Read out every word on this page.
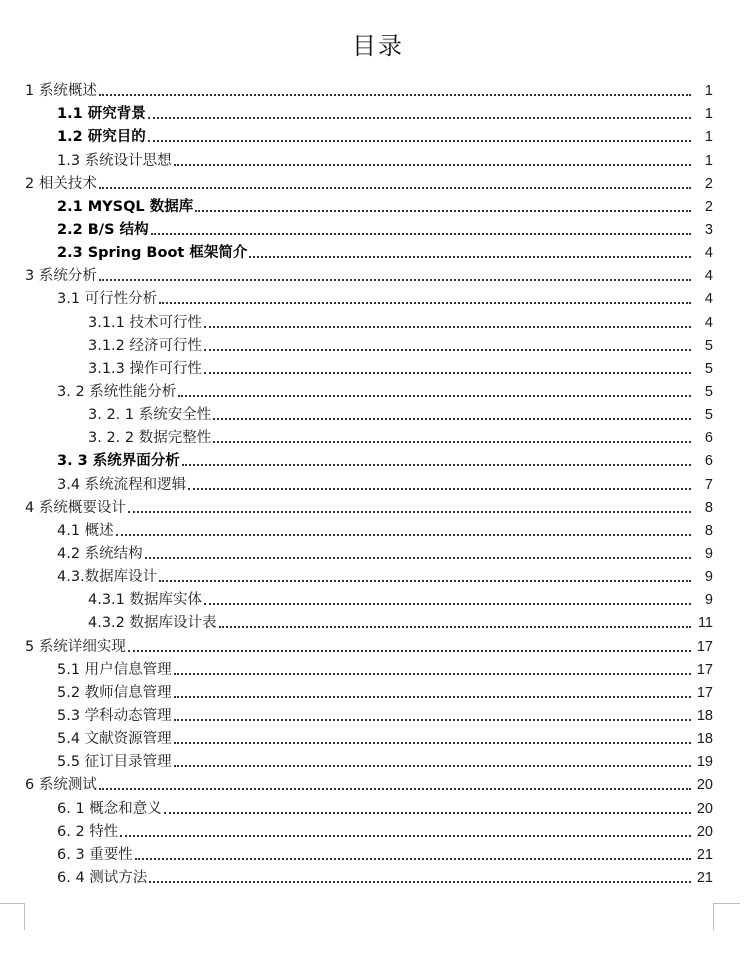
目录
1 系统概述	1
1.1 研究背景	1
1.2 研究目的	1
1.3 系统设计思想	1
2 相关技术	2
2.1 MYSQL 数据库	2
2.2 B/S 结构	3
2.3 Spring Boot 框架简介	4
3 系统分析	4
3.1 可行性分析	4
3.1.1 技术可行性	4
3.1.2 经济可行性	5
3.1.3 操作可行性	5
3. 2 系统性能分析	5
3. 2. 1 系统安全性	5
3. 2. 2 数据完整性	6
3. 3 系统界面分析	6
3.4 系统流程和逻辑	7
4 系统概要设计	8
4.1 概述	8
4.2 系统结构	9
4.3.数据库设计	9
4.3.1 数据库实体	9
4.3.2 数据库设计表	11
5 系统详细实现	17
5.1 用户信息管理	17
5.2 教师信息管理	17
5.3 学科动态管理	18
5.4 文献资源管理	18
5.5 征订目录管理	19
6 系统测试	20
6. 1 概念和意义	20
6. 2 特性	20
6. 3 重要性	21
6. 4 测试方法	21
